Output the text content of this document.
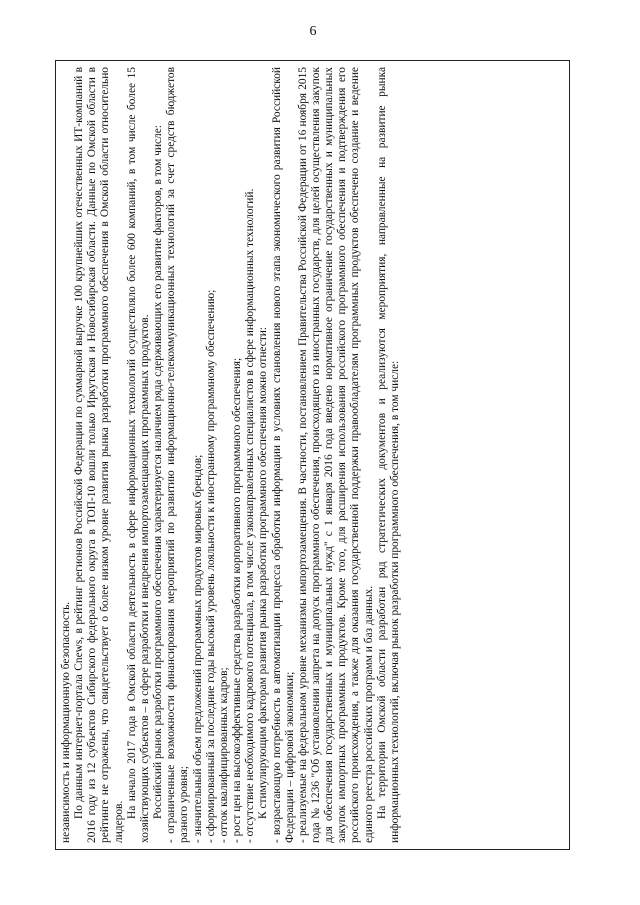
независимость и информационную безопасность. По данным интернет-портала Cnews, в рейтинг регионов Российской Федерации по суммарной выручке 100 крупнейших отечественных ИТ-компаний в 2016 году из 12 субъектов Сибирского федерального округа в ТОП-10 вошли только Иркутская и Новосибирская области. Данные по Омской области в рейтинге не отражены, что свидетельствует о более низком уровне развития рынка разработки программного обеспечения в Омской области относительно лидеров.

На начало 2017 года в Омской области деятельность в сфере информационных технологий осуществляло более 600 компаний, в том числе более 15 хозяйствующих субъектов – в сфере разработки и внедрения импортозамещающих программных продуктов. Российский рынок разработки программного обеспечения характеризуется наличием ряда сдерживающих его развитие факторов, в том числе: - ограниченные возможности финансирования мероприятий по развитию информационно-телекоммуникационных технологий за счет средств бюджетов разного уровня; - значительный объем предложений программных продуктов мировых брендов; - сформированный за последние годы высокий уровень лояльности к иностранному программному обеспечению; - отток квалифицированных кадров; - рост цен на высокоэффективные средства разработки корпоративного программного обеспечения; - отсутствие необходимого кадрового потенциала, в том числе узконаправленных специалистов в сфере информационных технологий. К стимулирующим факторам развития рынка разработки программного обеспечения можно отнести: - возрастающую потребность в автоматизации процесса обработки информации в условиях становления нового этапа экономического развития Российской Федерации – цифровой экономики; - реализуемые на федеральном уровне механизмы импортозамещения. В частности, постановлением Правительства Российской Федерации от 16 ноября 2015 года № 1236 "Об установлении запрета на допуск программного обеспечения, происходящего из иностранных государств, для целей осуществления закупок для обеспечения государственных и муниципальных нужд" с 1 января 2016 года введено нормативное ограничение государственных и муниципальных закупок импортных программных продуктов. Кроме того, для расширения использования российского программного обеспечения и подтверждения его российского происхождения, а также для оказания государственной поддержки правообладателям программных продуктов обеспечено создание и ведение единого реестра российских программ и баз данных. На территории Омской области разработан ряд стратегических документов и реализуются мероприятия, направленные на развитие рынка информационных технологий, включая рынок разработки программного обеспечения, в том числе:

6
